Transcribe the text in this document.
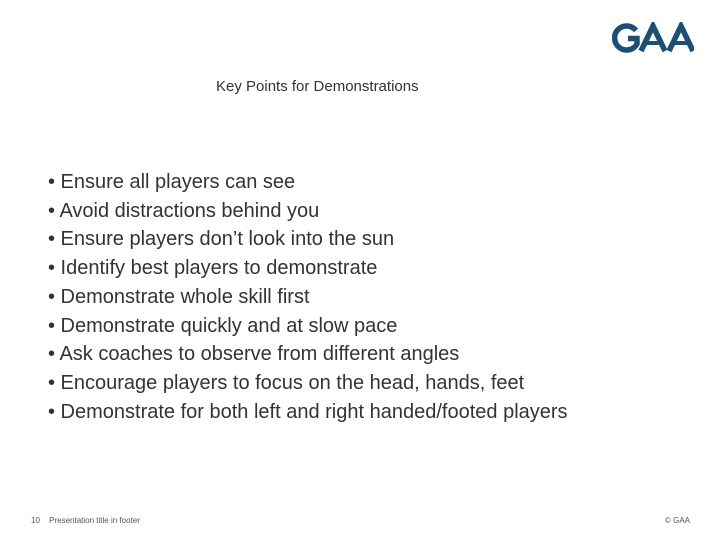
Key Points for Demonstrations
• Ensure all players can see
• Avoid distractions behind you
• Ensure players don’t look into the sun
• Identify best players to demonstrate
• Demonstrate whole skill first
• Demonstrate quickly and at slow pace
• Ask coaches to observe from different angles
• Encourage players to focus on the head, hands, feet
• Demonstrate for both left and right handed/footed players
10 Presentation title in footer	© GAA
